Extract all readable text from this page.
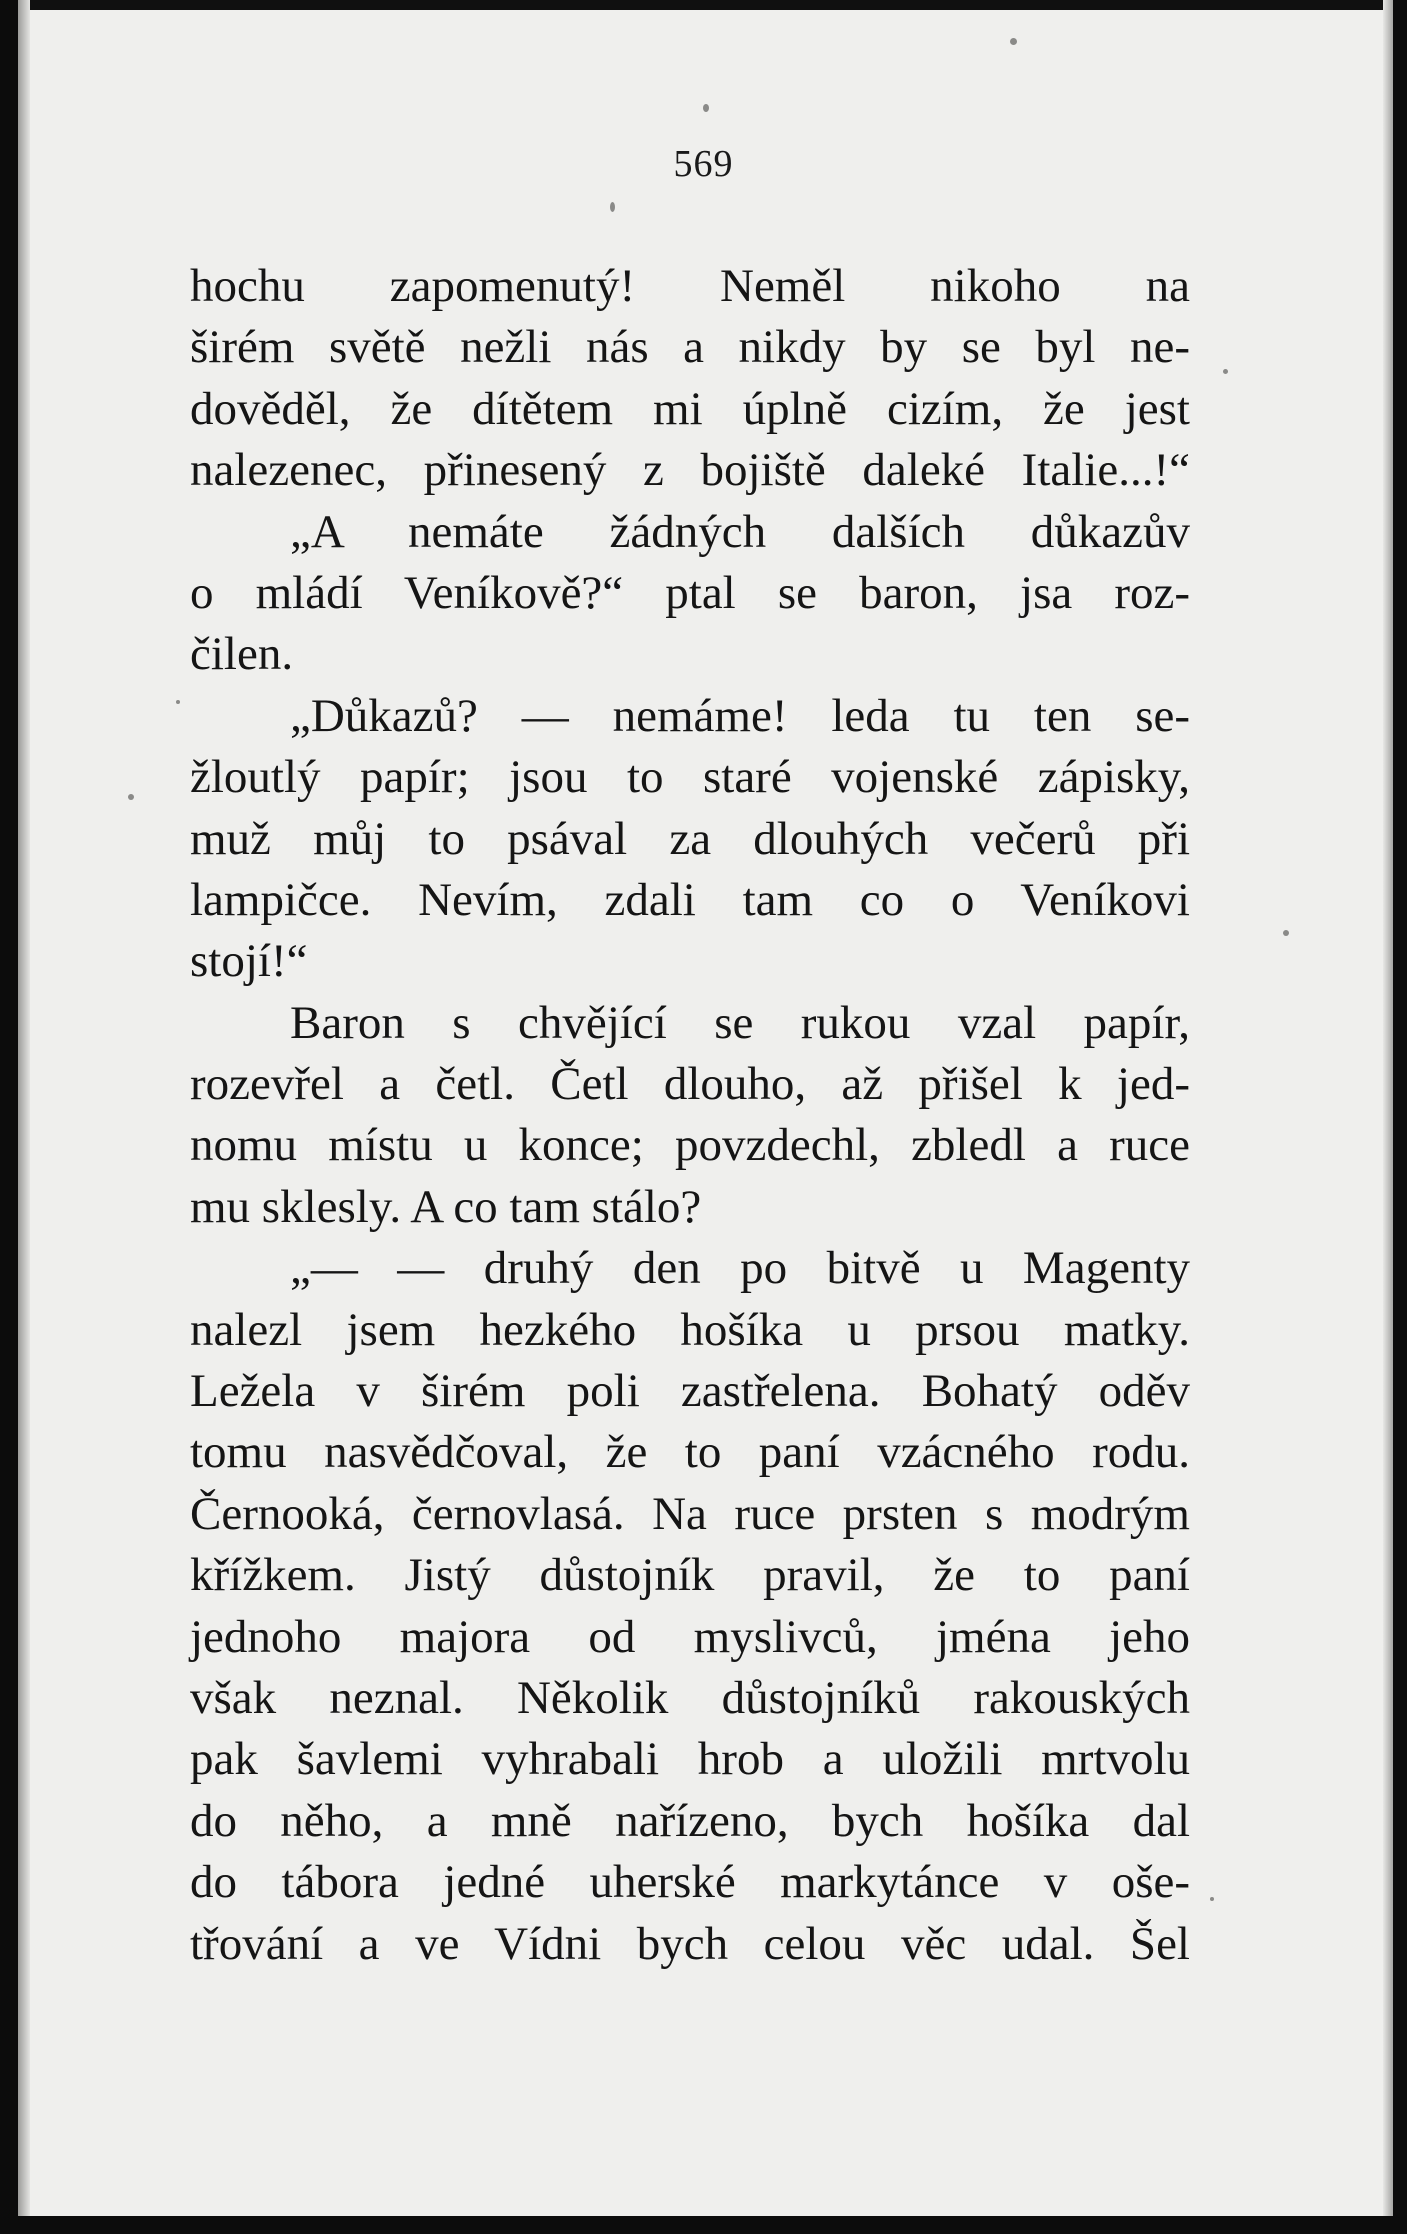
569
hochu zapomenutý! Neměl nikoho na
širém světě nežli nás a nikdy by se byl ne-
dověděl, že dítětem mi úplně cizím, že jest
nalezenec, přinesený z bojiště daleké Italie...!“
„A nemáte žádných dalších důkazův
o mládí Veníkově?“ ptal se baron, jsa roz-
čilen.
„Důkazů? — nemáme! leda tu ten se-
žloutlý papír; jsou to staré vojenské zápisky,
muž můj to psával za dlouhých večerů při
lampičce. Nevím, zdali tam co o Veníkovi
stojí!“
Baron s chvějící se rukou vzal papír,
rozevřel a četl. Četl dlouho, až přišel k jed-
nomu místu u konce; povzdechl, zbledl a ruce
mu sklesly. A co tam stálo?
„— — druhý den po bitvě u Magenty
nalezl jsem hezkého hošíka u prsou matky.
Ležela v širém poli zastřelena. Bohatý oděv
tomu nasvědčoval, že to paní vzácného rodu.
Černooká, černovlasá. Na ruce prsten s modrým
křížkem. Jistý důstojník pravil, že to paní
jednoho majora od myslivců, jména jeho
však neznal. Několik důstojníků rakouských
pak šavlemi vyhrabali hrob a uložili mrtvolu
do něho, a mně nařízeno, bych hošíka dal
do tábora jedné uherské markytánce v oše-
třování a ve Vídni bych celou věc udal. Šel
